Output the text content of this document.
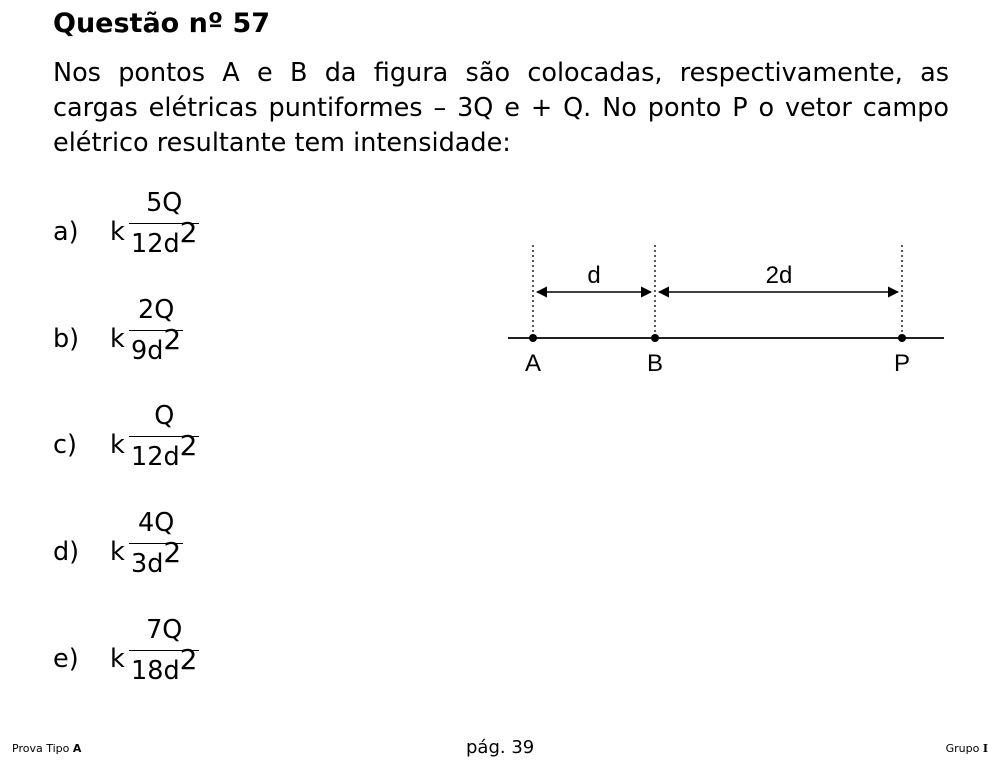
Questão nº 57

Nos pontos A e B da figura são colocadas, respectivamente, as cargas elétricas puntiformes – 3Q e + Q. No ponto P o vetor campo elétrico resultante tem intensidade:

a) k
5Q
$12d^2$
b) k
2Q
$9d^2$
c) k
Q
$12d^2$
d) k
4Q
$3d^2$
e) k
7Q
$18d^2$
d	2d
A	B	P
Prova Tipo A	pág. 39	Grupo I
